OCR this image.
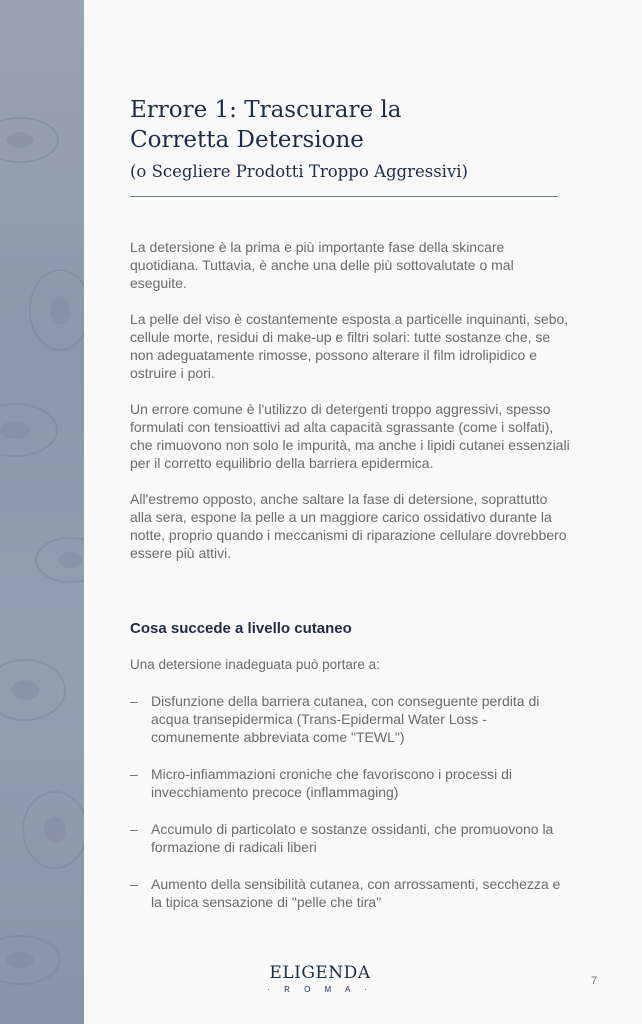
Errore 1: Trascurare la
Corretta Detersione
(o Scegliere Prodotti Troppo Aggressivi)

La detersione è la prima e più importante fase della skincare quotidiana. Tuttavia, è anche una delle più sottovalutate o mal eseguite.

La pelle del viso è costantemente esposta a particelle inquinanti, sebo, cellule morte, residui di make-up e filtri solari: tutte sostanze che, se non adeguatamente rimosse, possono alterare il film idrolipidico e ostruire i pori.

Un errore comune è l'utilizzo di detergenti troppo aggressivi, spesso formulati con tensioattivi ad alta capacità sgrassante (come i solfati), che rimuovono non solo le impurità, ma anche i lipidi cutanei essenziali per il corretto equilibrio della barriera epidermica.

All'estremo opposto, anche saltare la fase di detersione, soprattutto alla sera, espone la pelle a un maggiore carico ossidativo durante la notte, proprio quando i meccanismi di riparazione cellulare dovrebbero essere più attivi.

Cosa succede a livello cutaneo

Una detersione inadeguata può portare a:

– Disfunzione della barriera cutanea, con conseguente perdita di acqua transepidermica (Trans-Epidermal Water Loss - comunemente abbreviata come "TEWL")
– Micro-infiammazioni croniche che favoriscono i processi di invecchiamento precoce (inflammaging)
– Accumulo di particolato e sostanze ossidanti, che promuovono la formazione di radicali liberi
– Aumento della sensibilità cutanea, con arrossamenti, secchezza e la tipica sensazione di "pelle che tira"
ELIGENDA
· R O M A ·
7
